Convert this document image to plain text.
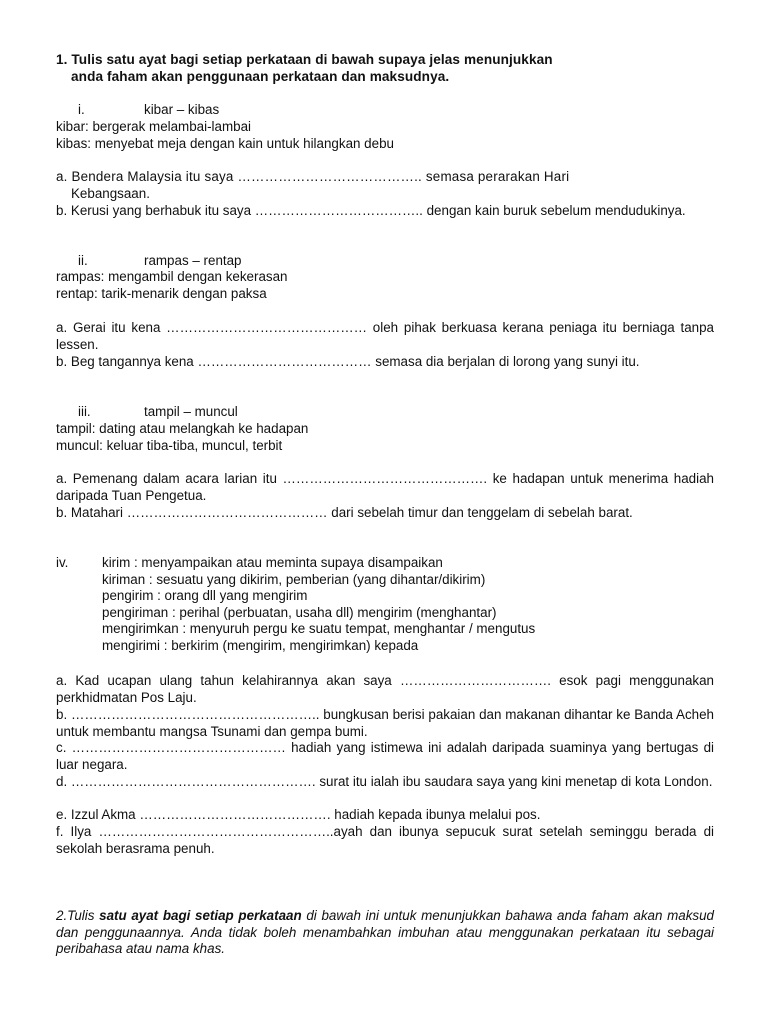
1. Tulis satu ayat bagi setiap perkataan di bawah supaya jelas menunjukkan

anda faham akan penggunaan perkataan dan maksudnya.

i.	kibar – kibas

kibar: bergerak melambai-lambai

kibas: menyebat meja dengan kain untuk hilangkan debu

a. Bendera Malaysia itu saya ………………………………….. semasa perarakan Hari

Kebangsaan.

b. Kerusi yang berhabuk itu saya ……………………………….. dengan kain buruk sebelum mendudukinya.
ii.	rampas – rentap

rampas: mengambil dengan kekerasan

rentap: tarik-menarik dengan paksa

a. Gerai itu kena ……………………………………… oleh pihak berkuasa kerana peniaga itu berniaga tanpa lessen.
b. Beg tangannya kena ………………………………… semasa dia berjalan di lorong yang sunyi itu.
iii.	tampil – muncul

tampil: dating atau melangkah ke hadapan

muncul: keluar tiba-tiba, muncul, terbit

a. Pemenang dalam acara larian itu ………………………………………. ke hadapan untuk menerima hadiah daripada Tuan Pengetua.
b. Matahari ……………………………………… dari sebelah timur dan tenggelam di sebelah barat.
iv.	kirim : menyampaikan atau meminta supaya disampaikan

kiriman : sesuatu yang dikirim, pemberian (yang dihantar/dikirim)

pengirim : orang dll yang mengirim

pengiriman : perihal (perbuatan, usaha dll) mengirim (menghantar)

mengirimkan : menyuruh pergu ke suatu tempat, menghantar / mengutus

mengirimi : berkirim (mengirim, mengirimkan) kepada

a. Kad ucapan ulang tahun kelahirannya akan saya ……………………………. esok pagi menggunakan perkhidmatan Pos Laju.
b. ……………………………………………….. bungkusan berisi pakaian dan makanan dihantar ke Banda Acheh untuk membantu mangsa Tsunami dan gempa bumi.
c. ………………………………………… hadiah yang istimewa ini adalah daripada suaminya yang bertugas di luar negara.
d. ………………………………………………. surat itu ialah ibu saudara saya yang kini menetap di kota London.
e. Izzul Akma ……………………………………. hadiah kepada ibunya melalui pos.
f. Ilya ……………………………………………..ayah dan ibunya sepucuk surat setelah seminggu berada di sekolah berasrama penuh.
2.Tulis satu ayat bagi setiap perkataan di bawah ini untuk menunjukkan bahawa anda faham akan maksud dan penggunaannya. Anda tidak boleh menambahkan imbuhan atau menggunakan perkataan itu sebagai peribahasa atau nama khas.
